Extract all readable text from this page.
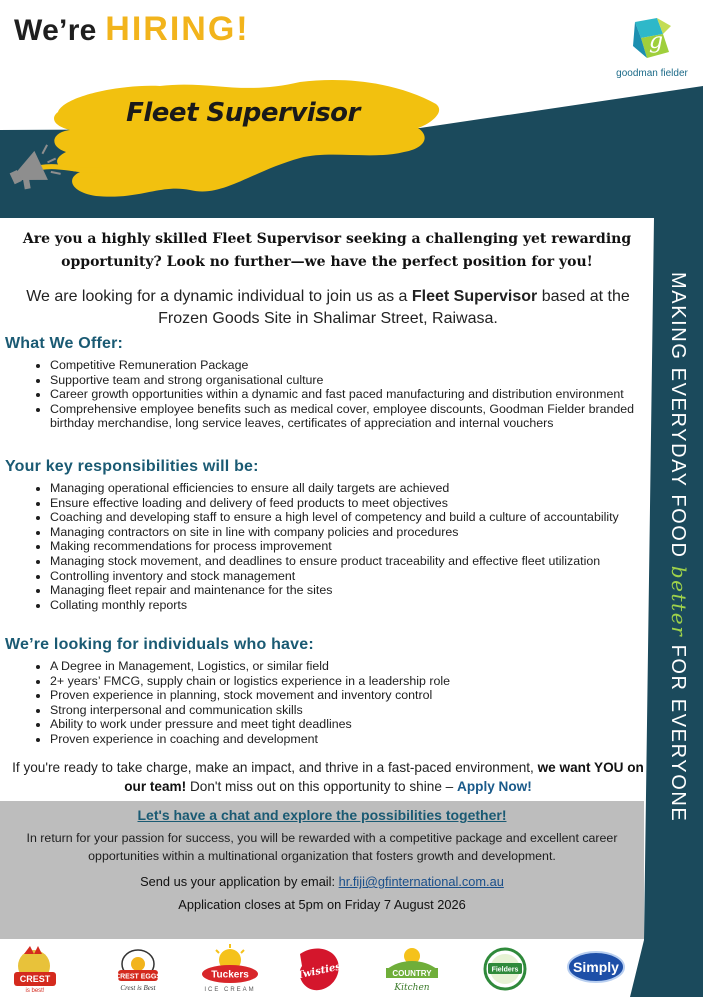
We’re HIRING!	g
goodman fielder
Fleet Supervisor
MAKING EVERYDAY FOOD better FOR EVERYONE
Are you a highly skilled Fleet Supervisor seeking a challenging yet rewarding opportunity? Look no further—we have the perfect position for you!
We are looking for a dynamic individual to join us as a Fleet Supervisor based at the Frozen Goods Site in Shalimar Street, Raiwasa.
What We Offer:
• Competitive Remuneration Package
• Supportive team and strong organisational culture
• Career growth opportunities within a dynamic and fast paced manufacturing and distribution environment
• Comprehensive employee benefits such as medical cover, employee discounts, Goodman Fielder branded birthday merchandise, long service leaves, certificates of appreciation and internal vouchers
Your key responsibilities will be:
• Managing operational efficiencies to ensure all daily targets are achieved
• Ensure effective loading and delivery of feed products to meet objectives
• Coaching and developing staff to ensure a high level of competency and build a culture of accountability
• Managing contractors on site in line with company policies and procedures
• Making recommendations for process improvement
• Managing stock movement, and deadlines to ensure product traceability and effective fleet utilization
• Controlling inventory and stock management
• Managing fleet repair and maintenance for the sites
• Collating monthly reports
We’re looking for individuals who have:
• A Degree in Management, Logistics, or similar field
• 2+ years’ FMCG, supply chain or logistics experience in a leadership role
• Proven experience in planning, stock movement and inventory control
• Strong interpersonal and communication skills
• Ability to work under pressure and meet tight deadlines
• Proven experience in coaching and development
If you're ready to take charge, make an impact, and thrive in a fast-paced environment, we want YOU on our team! Don't miss out on this opportunity to shine – Apply Now!
Let's have a chat and explore the possibilities together!
In return for your passion for success, you will be rewarded with a competitive package and excellent career opportunities within a multinational organization that fosters growth and development.
Send us your application by email: hr.fiji@gfinternational.com.au
Application closes at 5pm on Friday 7 August 2026
CREST
is best!
CREST EGGS
Crest is Best
Tuckers
ICE CREAM
Twisties	COUNTRY
Kitchen
Fielders	Simply
